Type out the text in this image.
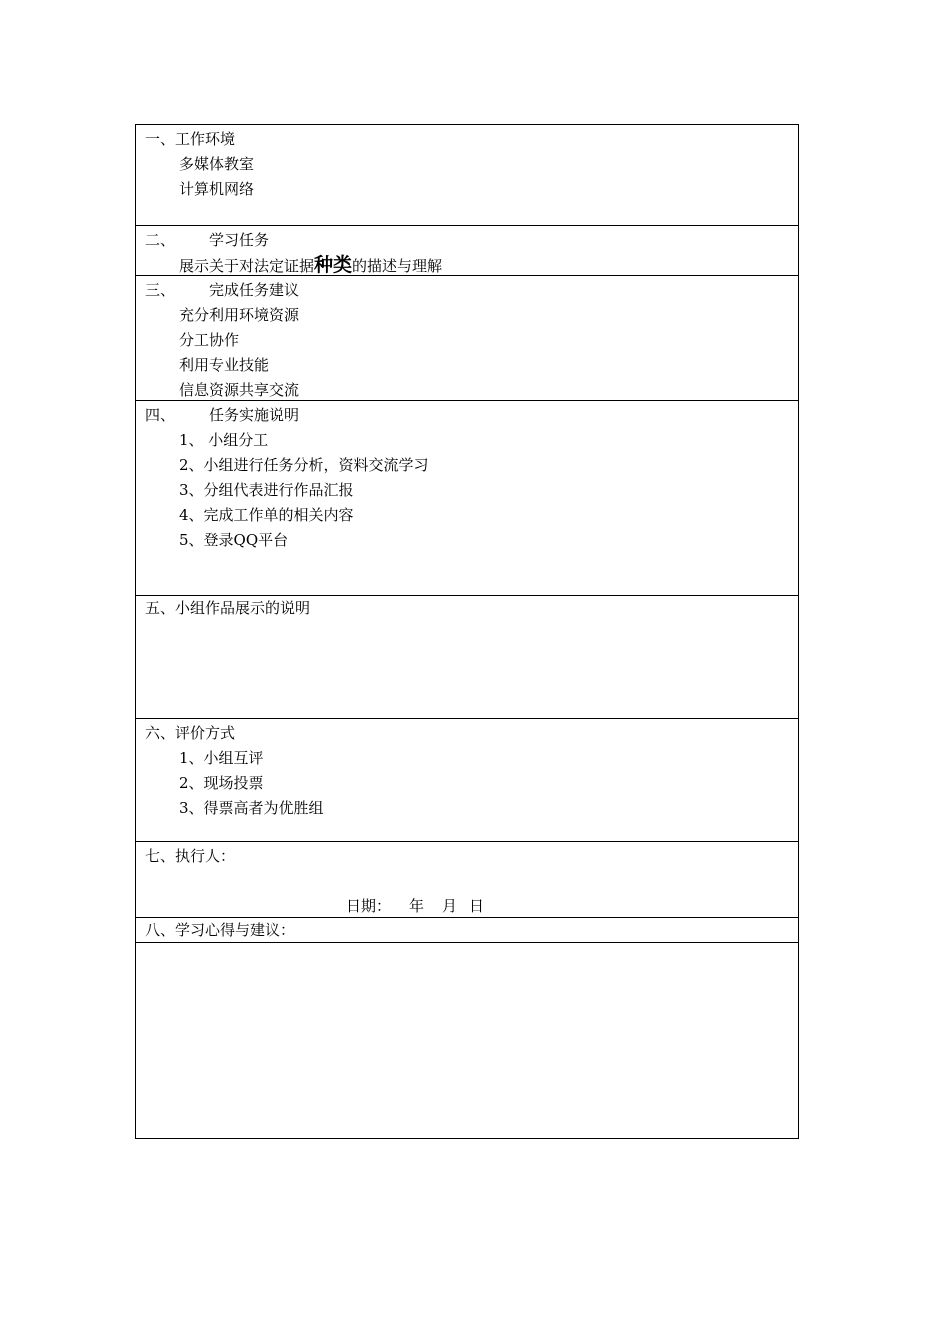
一、工作环境
多媒体教室
计算机网络
二、 学习任务
展示关于对法定证据种类的描述与理解
三、 完成任务建议
充分利用环境资源
分工协作
利用专业技能
信息资源共享交流
四、 任务实施说明
1、 小组分工
2、小组进行任务分析，资料交流学习
3、分组代表进行作品汇报
4、完成工作单的相关内容
5、登录QQ平台
五、小组作品展示的说明
六、评价方式
1、小组互评
2、现场投票
3、得票高者为优胜组
七、执行人：
日期： 年 月 日
八、学习心得与建议：
